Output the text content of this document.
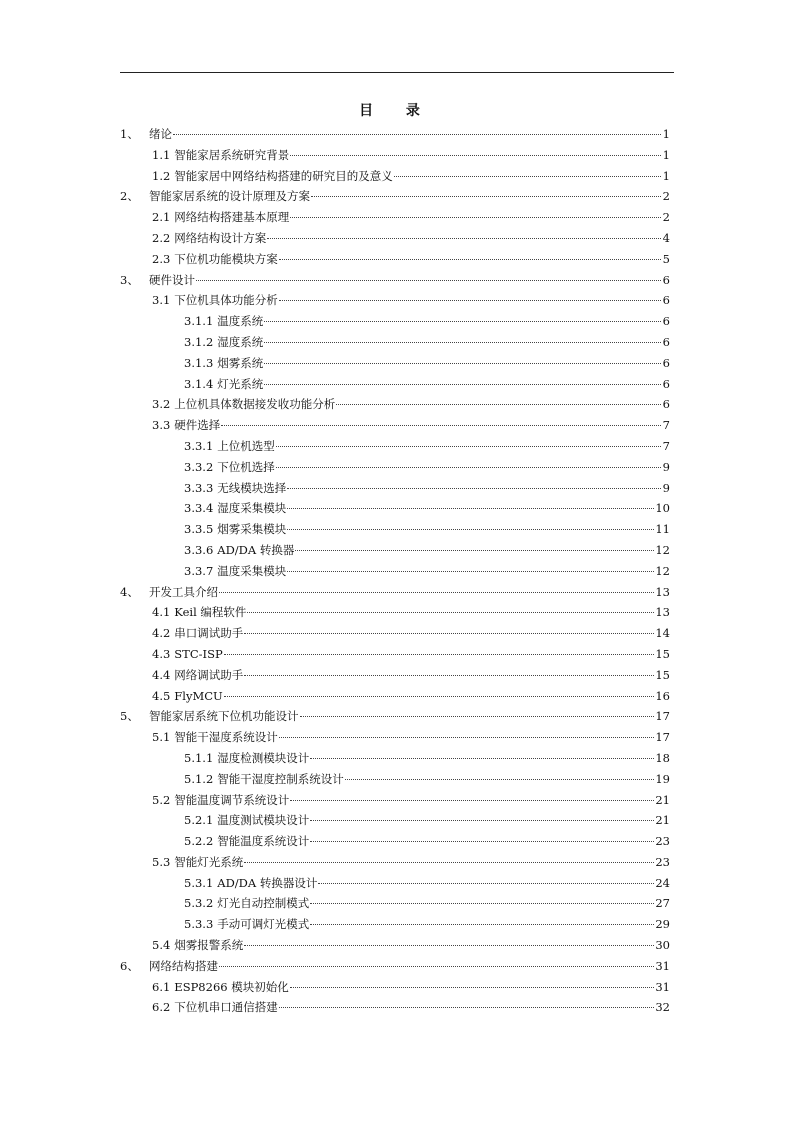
目 录
1、 绪论	1
1.1 智能家居系统研究背景	1
1.2 智能家居中网络结构搭建的研究目的及意义	1
2、 智能家居系统的设计原理及方案	2
2.1 网络结构搭建基本原理	2
2.2 网络结构设计方案	4
2.3 下位机功能模块方案	5
3、 硬件设计	6
3.1 下位机具体功能分析	6
3.1.1 温度系统	6
3.1.2 湿度系统	6
3.1.3 烟雾系统	6
3.1.4 灯光系统	6
3.2 上位机具体数据接发收功能分析	6
3.3 硬件选择	7
3.3.1 上位机选型	7
3.3.2 下位机选择	9
3.3.3 无线模块选择	9
3.3.4 湿度采集模块	10
3.3.5 烟雾采集模块	11
3.3.6 AD/DA 转换器	12
3.3.7 温度采集模块	12
4、 开发工具介绍	13
4.1 Keil 编程软件	13
4.2 串口调试助手	14
4.3 STC-ISP	15
4.4 网络调试助手	15
4.5 FlyMCU	16
5、 智能家居系统下位机功能设计	17
5.1 智能干湿度系统设计	17
5.1.1 湿度检测模块设计	18
5.1.2 智能干湿度控制系统设计	19
5.2 智能温度调节系统设计	21
5.2.1 温度测试模块设计	21
5.2.2 智能温度系统设计	23
5.3 智能灯光系统	23
5.3.1 AD/DA 转换器设计	24
5.3.2 灯光自动控制模式	27
5.3.3 手动可调灯光模式	29
5.4 烟雾报警系统	30
6、 网络结构搭建	31
6.1 ESP8266 模块初始化	31
6.2 下位机串口通信搭建	32
